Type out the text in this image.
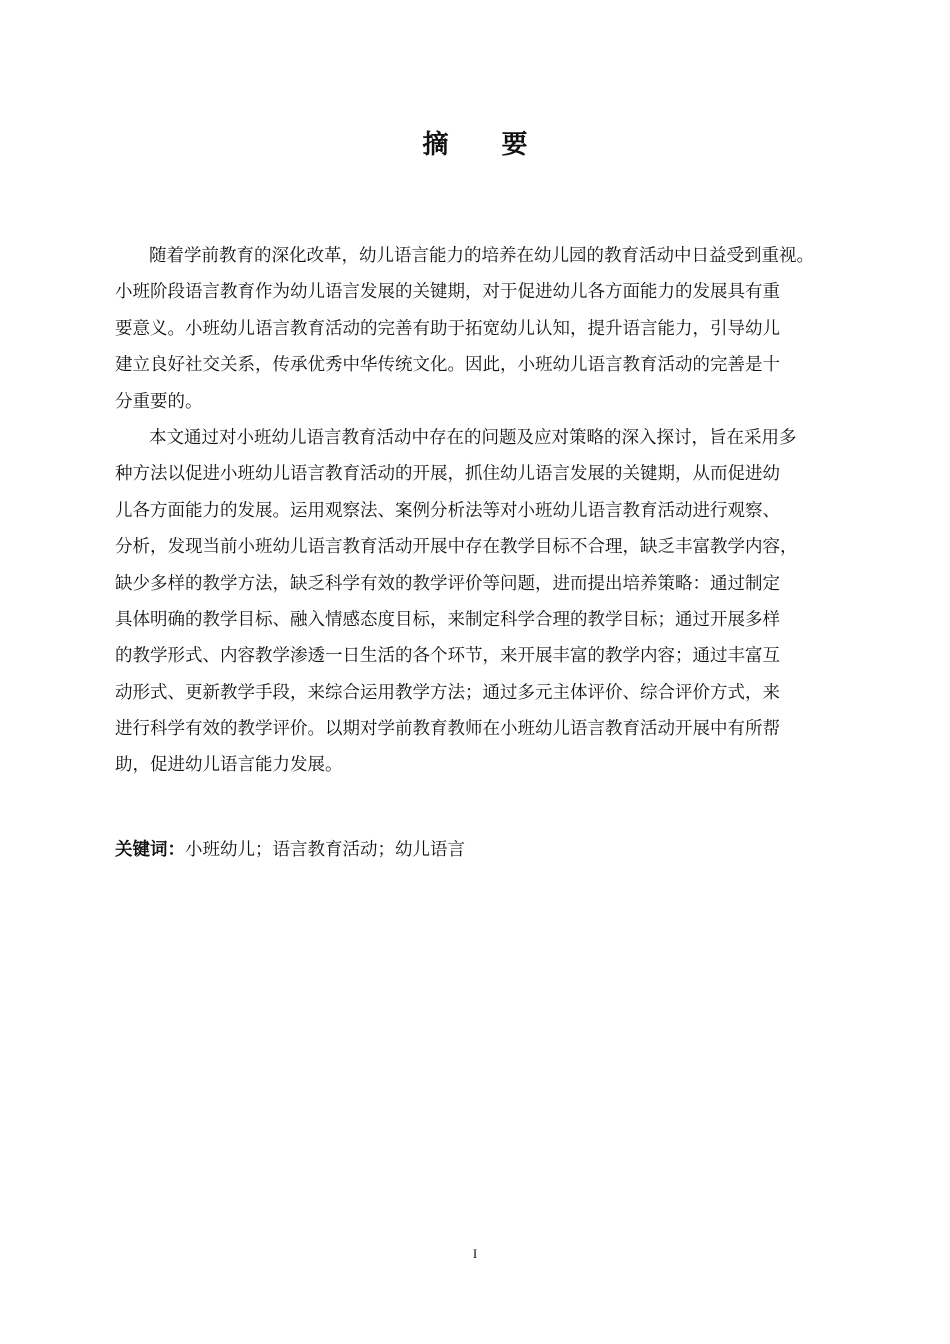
摘 要
随着学前教育的深化改革，幼儿语言能力的培养在幼儿园的教育活动中日益受到重视。
小班阶段语言教育作为幼儿语言发展的关键期，对于促进幼儿各方面能力的发展具有重
要意义。小班幼儿语言教育活动的完善有助于拓宽幼儿认知，提升语言能力，引导幼儿
建立良好社交关系，传承优秀中华传统文化。因此，小班幼儿语言教育活动的完善是十
分重要的。
本文通过对小班幼儿语言教育活动中存在的问题及应对策略的深入探讨，旨在采用多
种方法以促进小班幼儿语言教育活动的开展，抓住幼儿语言发展的关键期，从而促进幼
儿各方面能力的发展。运用观察法、案例分析法等对小班幼儿语言教育活动进行观察、
分析，发现当前小班幼儿语言教育活动开展中存在教学目标不合理，缺乏丰富教学内容，
缺少多样的教学方法，缺乏科学有效的教学评价等问题，进而提出培养策略：通过制定
具体明确的教学目标、融入情感态度目标，来制定科学合理的教学目标；通过开展多样
的教学形式、内容教学渗透一日生活的各个环节，来开展丰富的教学内容；通过丰富互
动形式、更新教学手段，来综合运用教学方法；通过多元主体评价、综合评价方式，来
进行科学有效的教学评价。以期对学前教育教师在小班幼儿语言教育活动开展中有所帮
助，促进幼儿语言能力发展。
关键词：小班幼儿；语言教育活动；幼儿语言
I
